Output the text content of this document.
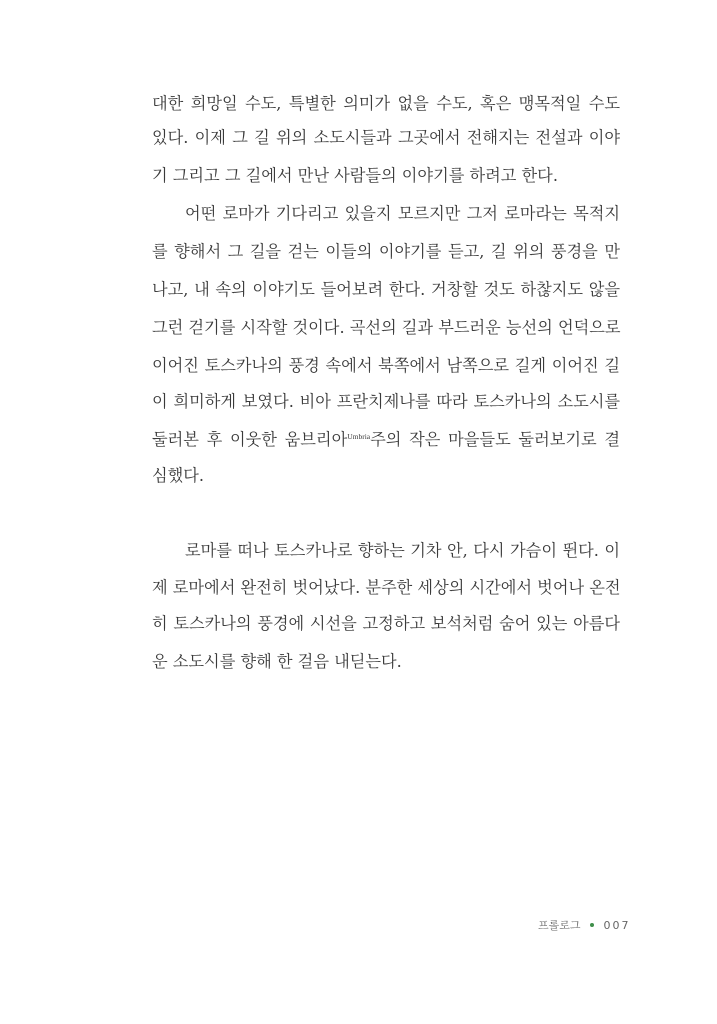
대한 희망일 수도, 특별한 의미가 없을 수도, 혹은 맹목적일 수도
있다. 이제 그 길 위의 소도시들과 그곳에서 전해지는 전설과 이야
기 그리고 그 길에서 만난 사람들의 이야기를 하려고 한다.
어떤 로마가 기다리고 있을지 모르지만 그저 로마라는 목적지
를 향해서 그 길을 걷는 이들의 이야기를 듣고, 길 위의 풍경을 만
나고, 내 속의 이야기도 들어보려 한다. 거창할 것도 하찮지도 않을
그런 걷기를 시작할 것이다. 곡선의 길과 부드러운 능선의 언덕으로
이어진 토스카나의 풍경 속에서 북쪽에서 남쪽으로 길게 이어진 길
이 희미하게 보였다. 비아 프란치제나를 따라 토스카나의 소도시를
둘러본 후 이웃한 움브리아$^{Umbria}$주의 작은 마을들도 둘러보기로 결
심했다.
로마를 떠나 토스카나로 향하는 기차 안, 다시 가슴이 뛴다. 이
제 로마에서 완전히 벗어났다. 분주한 세상의 시간에서 벗어나 온전
히 토스카나의 풍경에 시선을 고정하고 보석처럼 숨어 있는 아름다
운 소도시를 향해 한 걸음 내딛는다.
프롤로그 007
